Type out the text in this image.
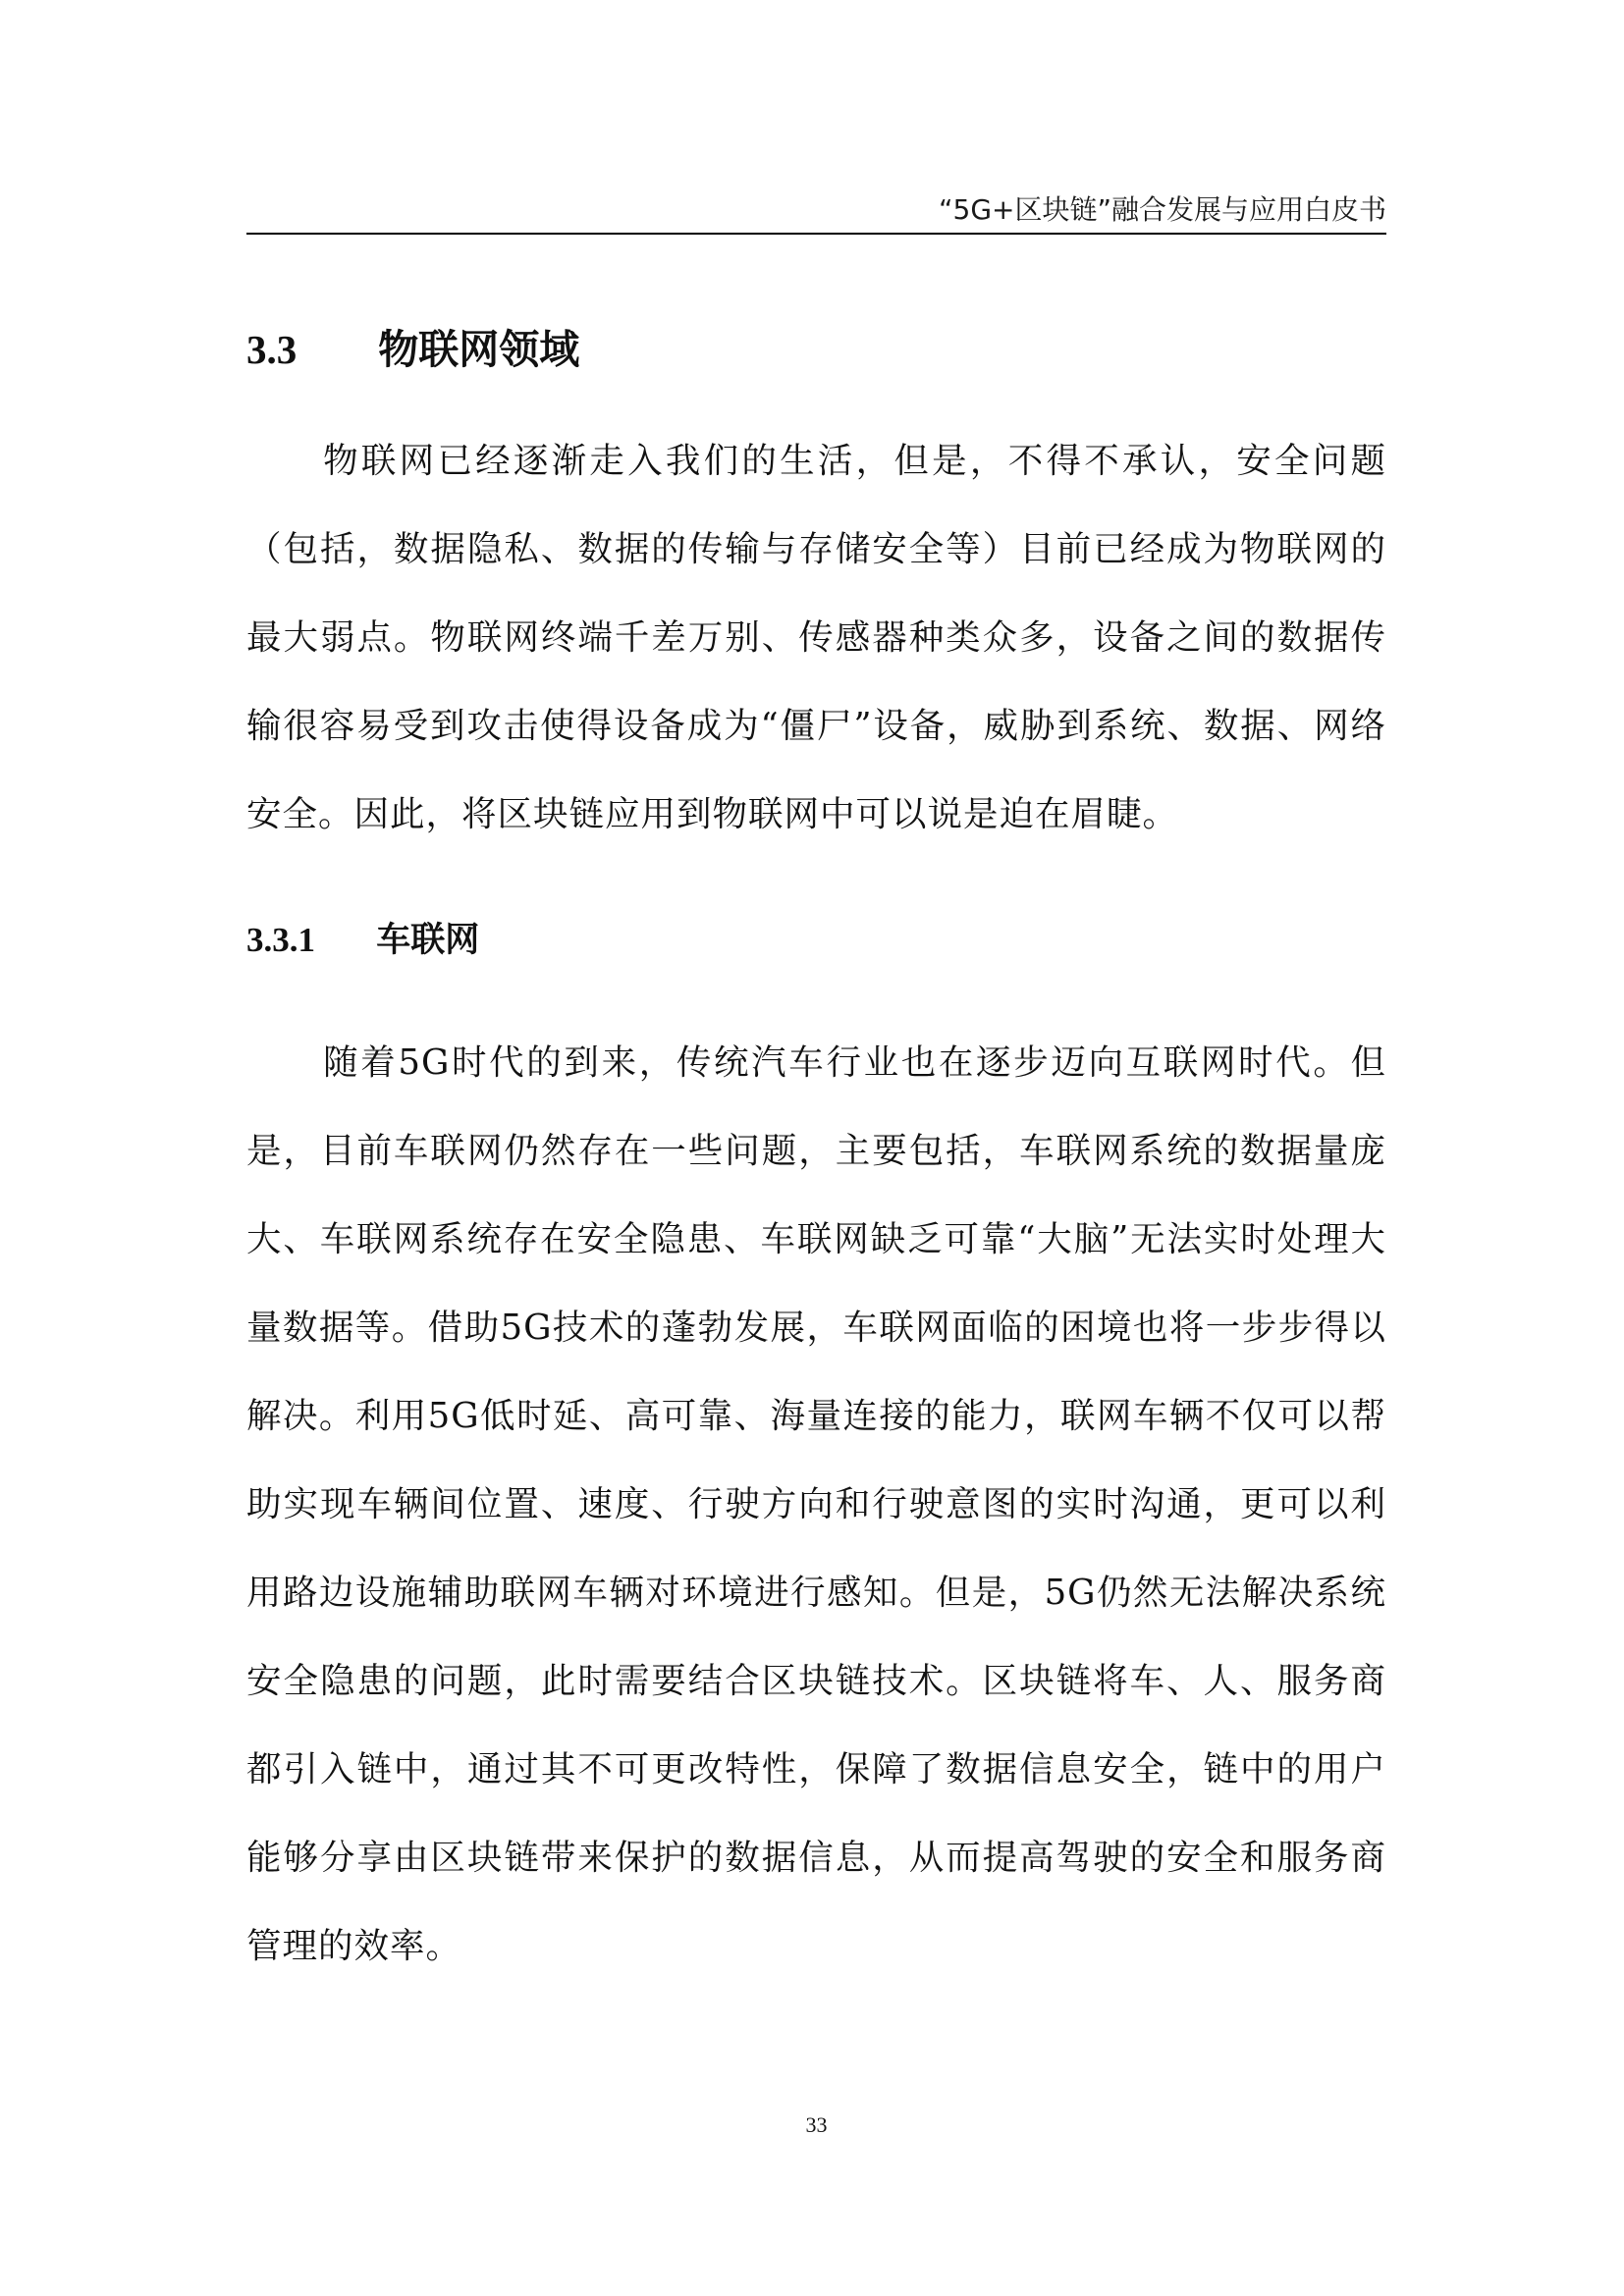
“5G+区块链”融合发展与应用白皮书
3.3 物联网领域

物联网已经逐渐走入我们的生活，但是，不得不承认，安全问题（包括，数据隐私、数据的传输与存储安全等）目前已经成为物联网的最大弱点。物联网终端千差万别、传感器种类众多，设备之间的数据传输很容易受到攻击使得设备成为“僵尸”设备，威胁到系统、数据、网络安全。因此，将区块链应用到物联网中可以说是迫在眉睫。

3.3.1 车联网

随着5G时代的到来，传统汽车行业也在逐步迈向互联网时代。但是，目前车联网仍然存在一些问题，主要包括，车联网系统的数据量庞大、车联网系统存在安全隐患、车联网缺乏可靠“大脑”无法实时处理大量数据等。借助5G技术的蓬勃发展，车联网面临的困境也将一步步得以解决。利用5G低时延、高可靠、海量连接的能力，联网车辆不仅可以帮助实现车辆间位置、速度、行驶方向和行驶意图的实时沟通，更可以利用路边设施辅助联网车辆对环境进行感知。但是，5G仍然无法解决系统安全隐患的问题，此时需要结合区块链技术。区块链将车、人、服务商都引入链中，通过其不可更改特性，保障了数据信息安全，链中的用户能够分享由区块链带来保护的数据信息，从而提高驾驶的安全和服务商管理的效率。

33
